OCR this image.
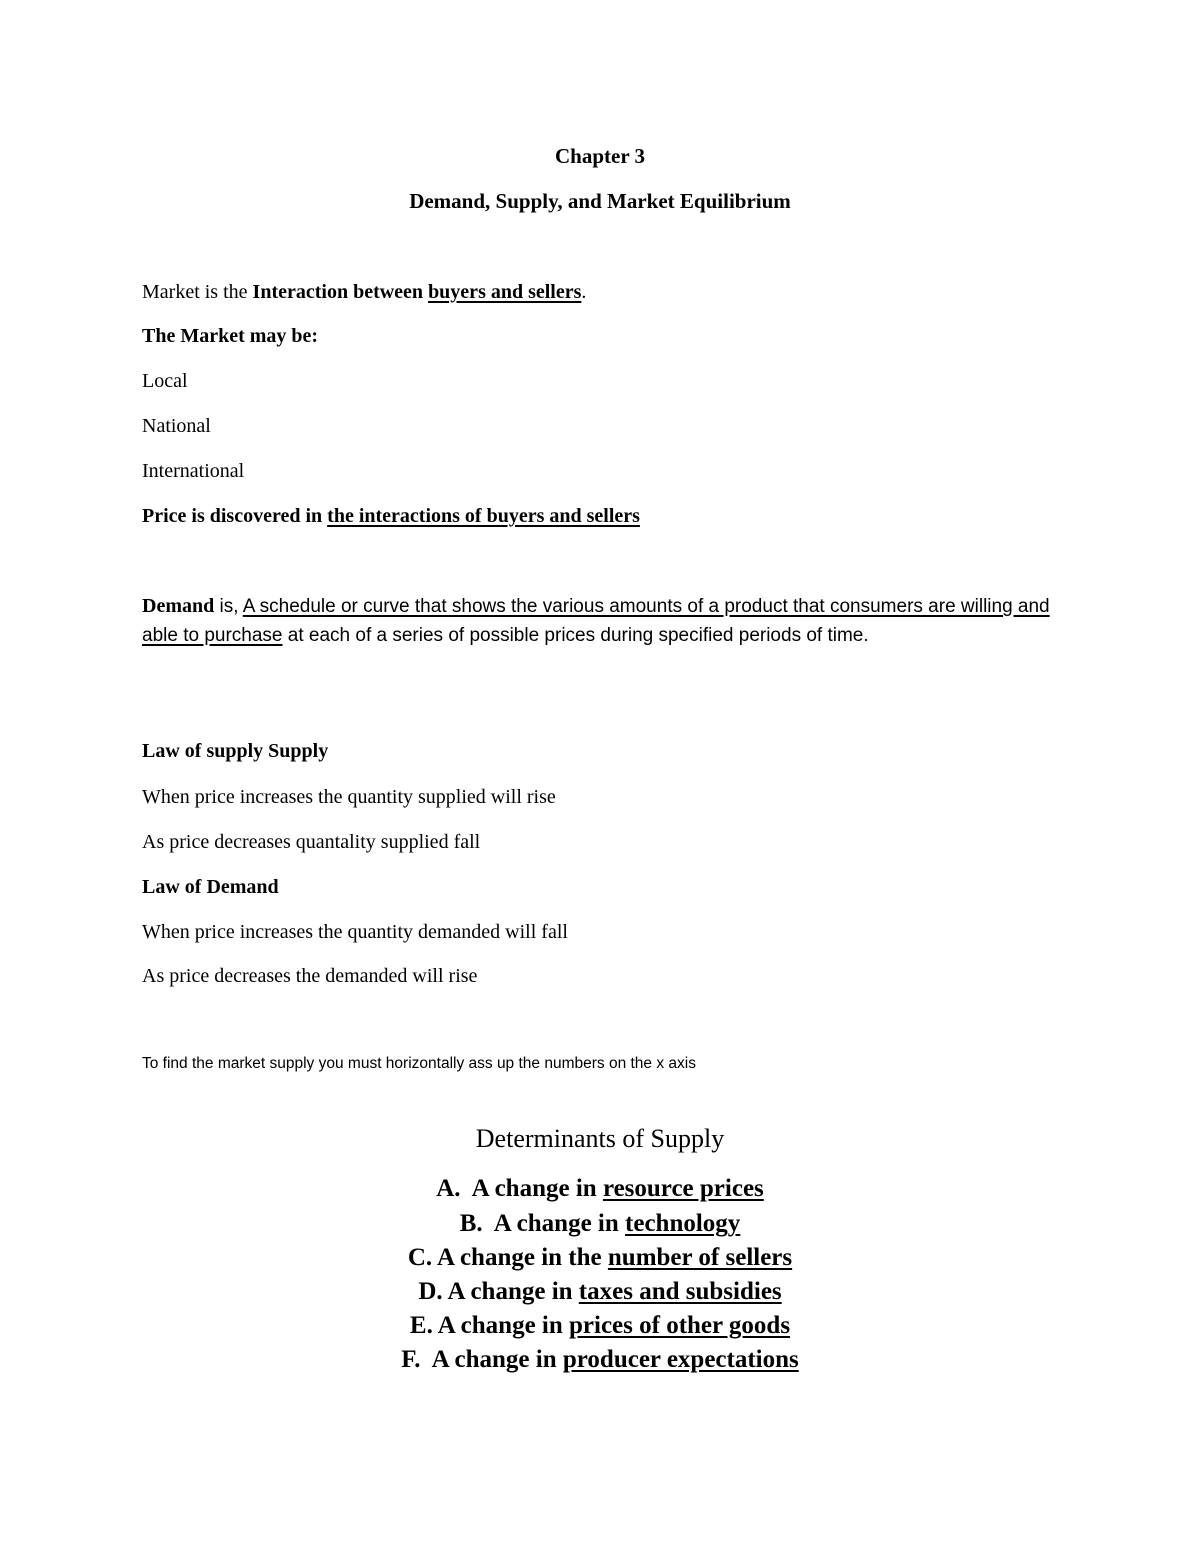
Chapter 3
Demand, Supply, and Market Equilibrium
Market is the Interaction between buyers and sellers.
The Market may be:
Local
National
International
Price is discovered in the interactions of buyers and sellers
Demand is, A schedule or curve that shows the various amounts of a product that consumers are willing and able to purchase at each of a series of possible prices during specified periods of time.
Law of supply Supply
When price increases the quantity supplied will rise
As price decreases quantality supplied fall
Law of Demand
When price increases the quantity demanded will fall
As price decreases the demanded will rise
To find the market supply you must horizontally ass up the numbers on the x axis
Determinants of Supply
A. A change in resource prices
B. A change in technology
C. A change in the number of sellers
D. A change in taxes and subsidies
E. A change in prices of other goods
F. A change in producer expectations
